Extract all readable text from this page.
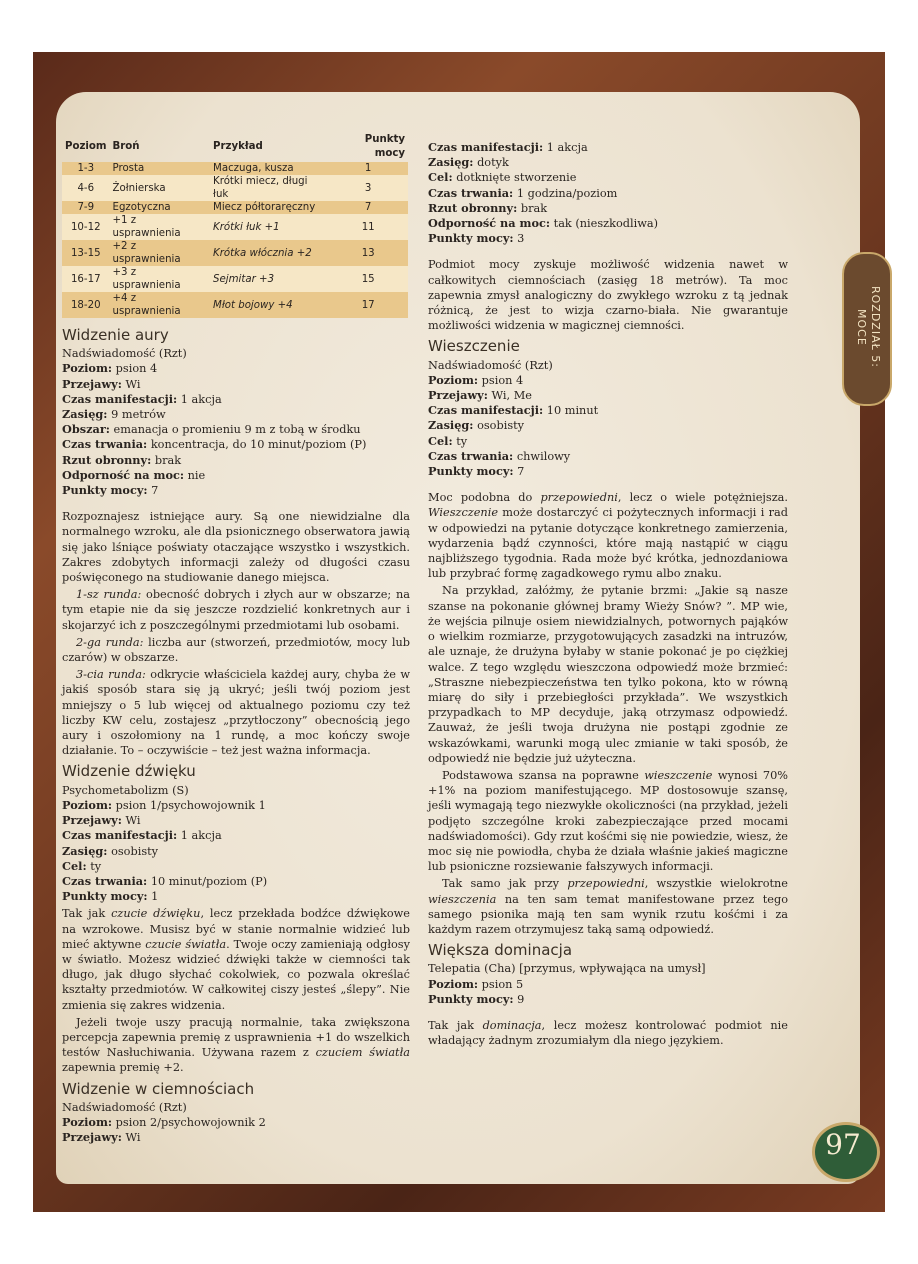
Poziom	Broń	Przykład	Punkty mocy
1-3	Prosta	Maczuga, kusza	1
4-6	Żołnierska	Krótki miecz, długi łuk	3
7-9	Egzotyczna	Miecz półtoraręczny	7
10-12	+1 z usprawnienia	Krótki łuk +1	11
13-15	+2 z usprawnienia	Krótka włócznia +2	13
16-17	+3 z usprawnienia	Sejmitar +3	15
18-20	+4 z usprawnienia	Młot bojowy +4	17
Widzenie aury

Nadświadomość (Rzt)

Poziom: psion 4

Przejawy: Wi

Czas manifestacji: 1 akcja

Zasięg: 9 metrów

Obszar: emanacja o promieniu 9 m z tobą w środku

Czas trwania: koncentracja, do 10 minut/poziom (P)

Rzut obronny: brak

Odporność na moc: nie

Punkty mocy: 7

Rozpoznajesz istniejące aury. Są one niewidzialne dla normalnego wzroku, ale dla psionicznego obserwatora jawią się jako lśniące poświaty otaczające wszystko i wszystkich. Zakres zdobytych informacji zależy od długości czasu poświęconego na studiowanie danego miejsca.

1-sz runda: obecność dobrych i złych aur w obszarze; na tym etapie nie da się jeszcze rozdzielić konkretnych aur i skojarzyć ich z poszczególnymi przedmiotami lub osobami.

2-ga runda: liczba aur (stworzeń, przedmiotów, mocy lub czarów) w obszarze.

3-cia runda: odkrycie właściciela każdej aury, chyba że w jakiś sposób stara się ją ukryć; jeśli twój poziom jest mniejszy o 5 lub więcej od aktualnego poziomu czy też liczby KW celu, zostajesz „przytłoczony” obecnością jego aury i oszołomiony na 1 rundę, a moc kończy swoje działanie. To – oczywiście – też jest ważna informacja.

Widzenie dźwięku

Psychometabolizm (S)

Poziom: psion 1/psychowojownik 1

Przejawy: Wi

Czas manifestacji: 1 akcja

Zasięg: osobisty

Cel: ty

Czas trwania: 10 minut/poziom (P)

Punkty mocy: 1

Tak jak czucie dźwięku, lecz przekłada bodźce dźwiękowe na wzrokowe. Musisz być w stanie normalnie widzieć lub mieć aktywne czucie światła. Twoje oczy zamieniają odgłosy w światło. Możesz widzieć dźwięki także w ciemności tak długo, jak długo słychać cokolwiek, co pozwala określać kształty przedmiotów. W całkowitej ciszy jesteś „ślepy”. Nie zmienia się zakres widzenia.

Jeżeli twoje uszy pracują normalnie, taka zwiększona percepcja zapewnia premię z usprawnienia +1 do wszelkich testów Nasłuchiwania. Używana razem z czuciem światła zapewnia premię +2.

Widzenie w ciemnościach

Nadświadomość (Rzt)

Poziom: psion 2/psychowojownik 2

Przejawy: Wi

Czas manifestacji: 1 akcja

Zasięg: dotyk

Cel: dotknięte stworzenie

Czas trwania: 1 godzina/poziom

Rzut obronny: brak

Odporność na moc: tak (nieszkodliwa)

Punkty mocy: 3

Podmiot mocy zyskuje możliwość widzenia nawet w całkowitych ciemnościach (zasięg 18 metrów). Ta moc zapewnia zmysł analogiczny do zwykłego wzroku z tą jednak różnicą, że jest to wizja czarno-biała. Nie gwarantuje możliwości widzenia w magicznej ciemności.

Wieszczenie

Nadświadomość (Rzt)

Poziom: psion 4

Przejawy: Wi, Me

Czas manifestacji: 10 minut

Zasięg: osobisty

Cel: ty

Czas trwania: chwilowy

Punkty mocy: 7

Moc podobna do przepowiedni, lecz o wiele potężniejsza. Wieszczenie może dostarczyć ci pożytecznych informacji i rad w odpowiedzi na pytanie dotyczące konkretnego zamierzenia, wydarzenia bądź czynności, które mają nastąpić w ciągu najbliższego tygodnia. Rada może być krótka, jednozdaniowa lub przybrać formę zagadkowego rymu albo znaku.

Na przykład, załóżmy, że pytanie brzmi: „Jakie są nasze szanse na pokonanie głównej bramy Wieży Snów? ”. MP wie, że wejścia pilnuje osiem niewidzialnych, potwornych pająków o wielkim rozmiarze, przygotowujących zasadzki na intruzów, ale uznaje, że drużyna byłaby w stanie pokonać je po ciężkiej walce. Z tego względu wieszczona odpowiedź może brzmieć: „Straszne niebezpieczeństwa ten tylko pokona, kto w równą miarę do siły i przebiegłości przykłada”. We wszystkich przypadkach to MP decyduje, jaką otrzymasz odpowiedź. Zauważ, że jeśli twoja drużyna nie postąpi zgodnie ze wskazówkami, warunki mogą ulec zmianie w taki sposób, że odpowiedź nie będzie już użyteczna.

Podstawowa szansa na poprawne wieszczenie wynosi 70% +1% na poziom manifestującego. MP dostosowuje szansę, jeśli wymagają tego niezwykłe okoliczności (na przykład, jeżeli podjęto szczególne kroki zabezpieczające przed mocami nadświadomości). Gdy rzut kośćmi się nie powiedzie, wiesz, że moc się nie powiodła, chyba że działa właśnie jakieś magiczne lub psioniczne rozsiewanie fałszywych informacji.

Tak samo jak przy przepowiedni, wszystkie wielokrotne wieszczenia na ten sam temat manifestowane przez tego samego psionika mają ten sam wynik rzutu kośćmi i za każdym razem otrzymujesz taką samą odpowiedź.

Większa dominacja

Telepatia (Cha) [przymus, wpływająca na umysł]

Poziom: psion 5

Punkty mocy: 9

Tak jak dominacja, lecz możesz kontrolować podmiot nie władający żadnym zrozumiałym dla niego językiem.

ROZDZIAŁ 5:
MOCE
97
